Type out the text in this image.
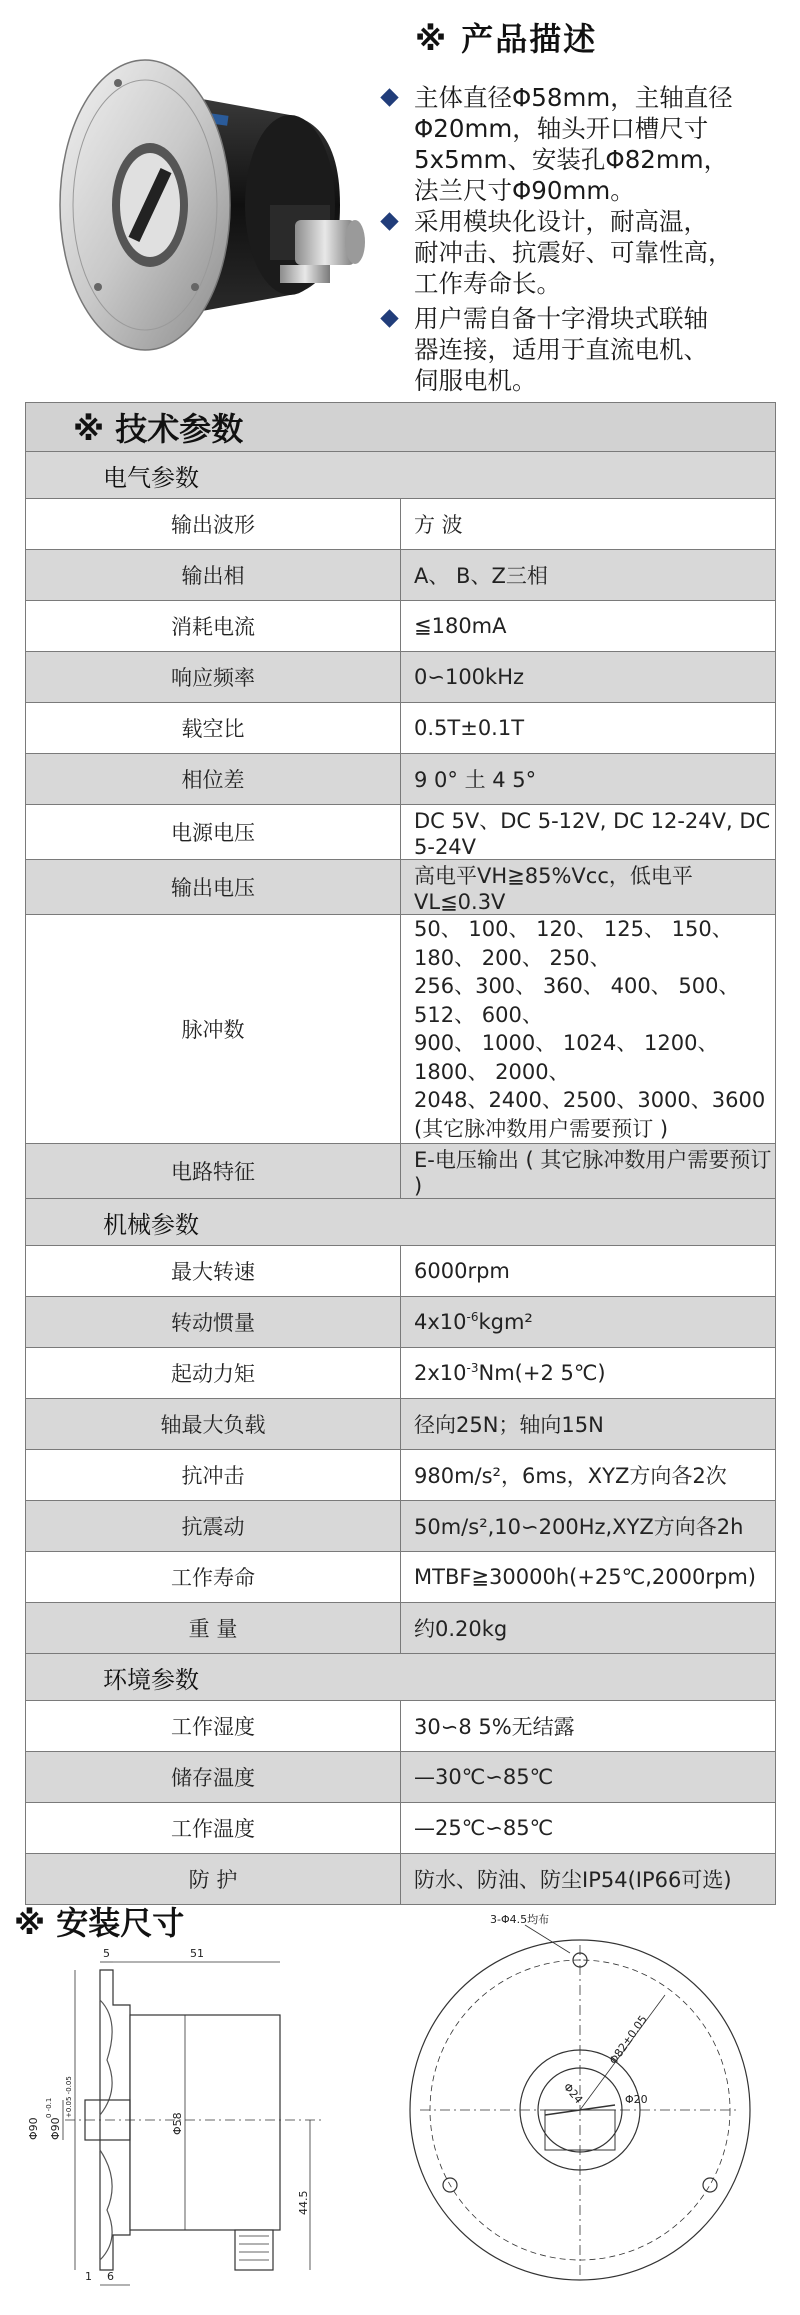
※ 产品描述
主体直径Φ58mm，主轴直径
Φ20mm，轴头开口槽尺寸
5x5mm、安装孔Φ82mm，
法兰尺寸Φ90mm。
采用模块化设计，耐高温，
耐冲击、抗震好、可靠性高，
工作寿命长。
用户需自备十字滑块式联轴
器连接，适用于直流电机、
伺服电机。
※ 技术参数	
电气参数	
输出波形	方 波
输出相	A、 B、Z三相
消耗电流	≦180mA
响应频率	0∽100kHz
载空比	0.5T±0.1T
相位差	9 0° 土 4 5°
电源电压	DC 5V、DC 5-12V, DC 12-24V, DC 5-24V
输出电压	高电平VH≧85%Vcc，低电平VL≦0.3V
脉冲数	50、 100、 120、 125、 150、180、 200、 250、
256、300、 360、 400、 500、 512、 600、
900、 1000、 1024、 1200、 1800、 2000、
2048、2400、2500、3000、3600
(其它脉冲数用户需要预订 )

电路特征	E-电压输出 ( 其它脉冲数用户需要预订 )
机械参数	
最大转速	6000rpm
转动惯量	$4x10^{-6}kgm^2$
起动力矩	$2x10^{-3}Nm(+2$ 5℃)
轴最大负载	径向25N；轴向15N
抗冲击	980m/s²，6ms，XYZ方向各2次
抗震动	50m/s²,10∽200Hz,XYZ方向各2h
工作寿命	MTBF≧30000h(+25℃,2000rpm)
重 量	约0.20kg
环境参数	
工作湿度	30∽8 5%无结露
储存温度	—30℃∽85℃
工作温度	—25℃∽85℃
防 护	防水、防油、防尘IP54(IP66可选)
※ 安装尺寸
5	51
Φ90
0 -0.1
Φ90
+0.05 -0.05
Φ58
44.5
1 6
3-Φ4.5均布
Φ82±0.05
Φ24	Φ20
